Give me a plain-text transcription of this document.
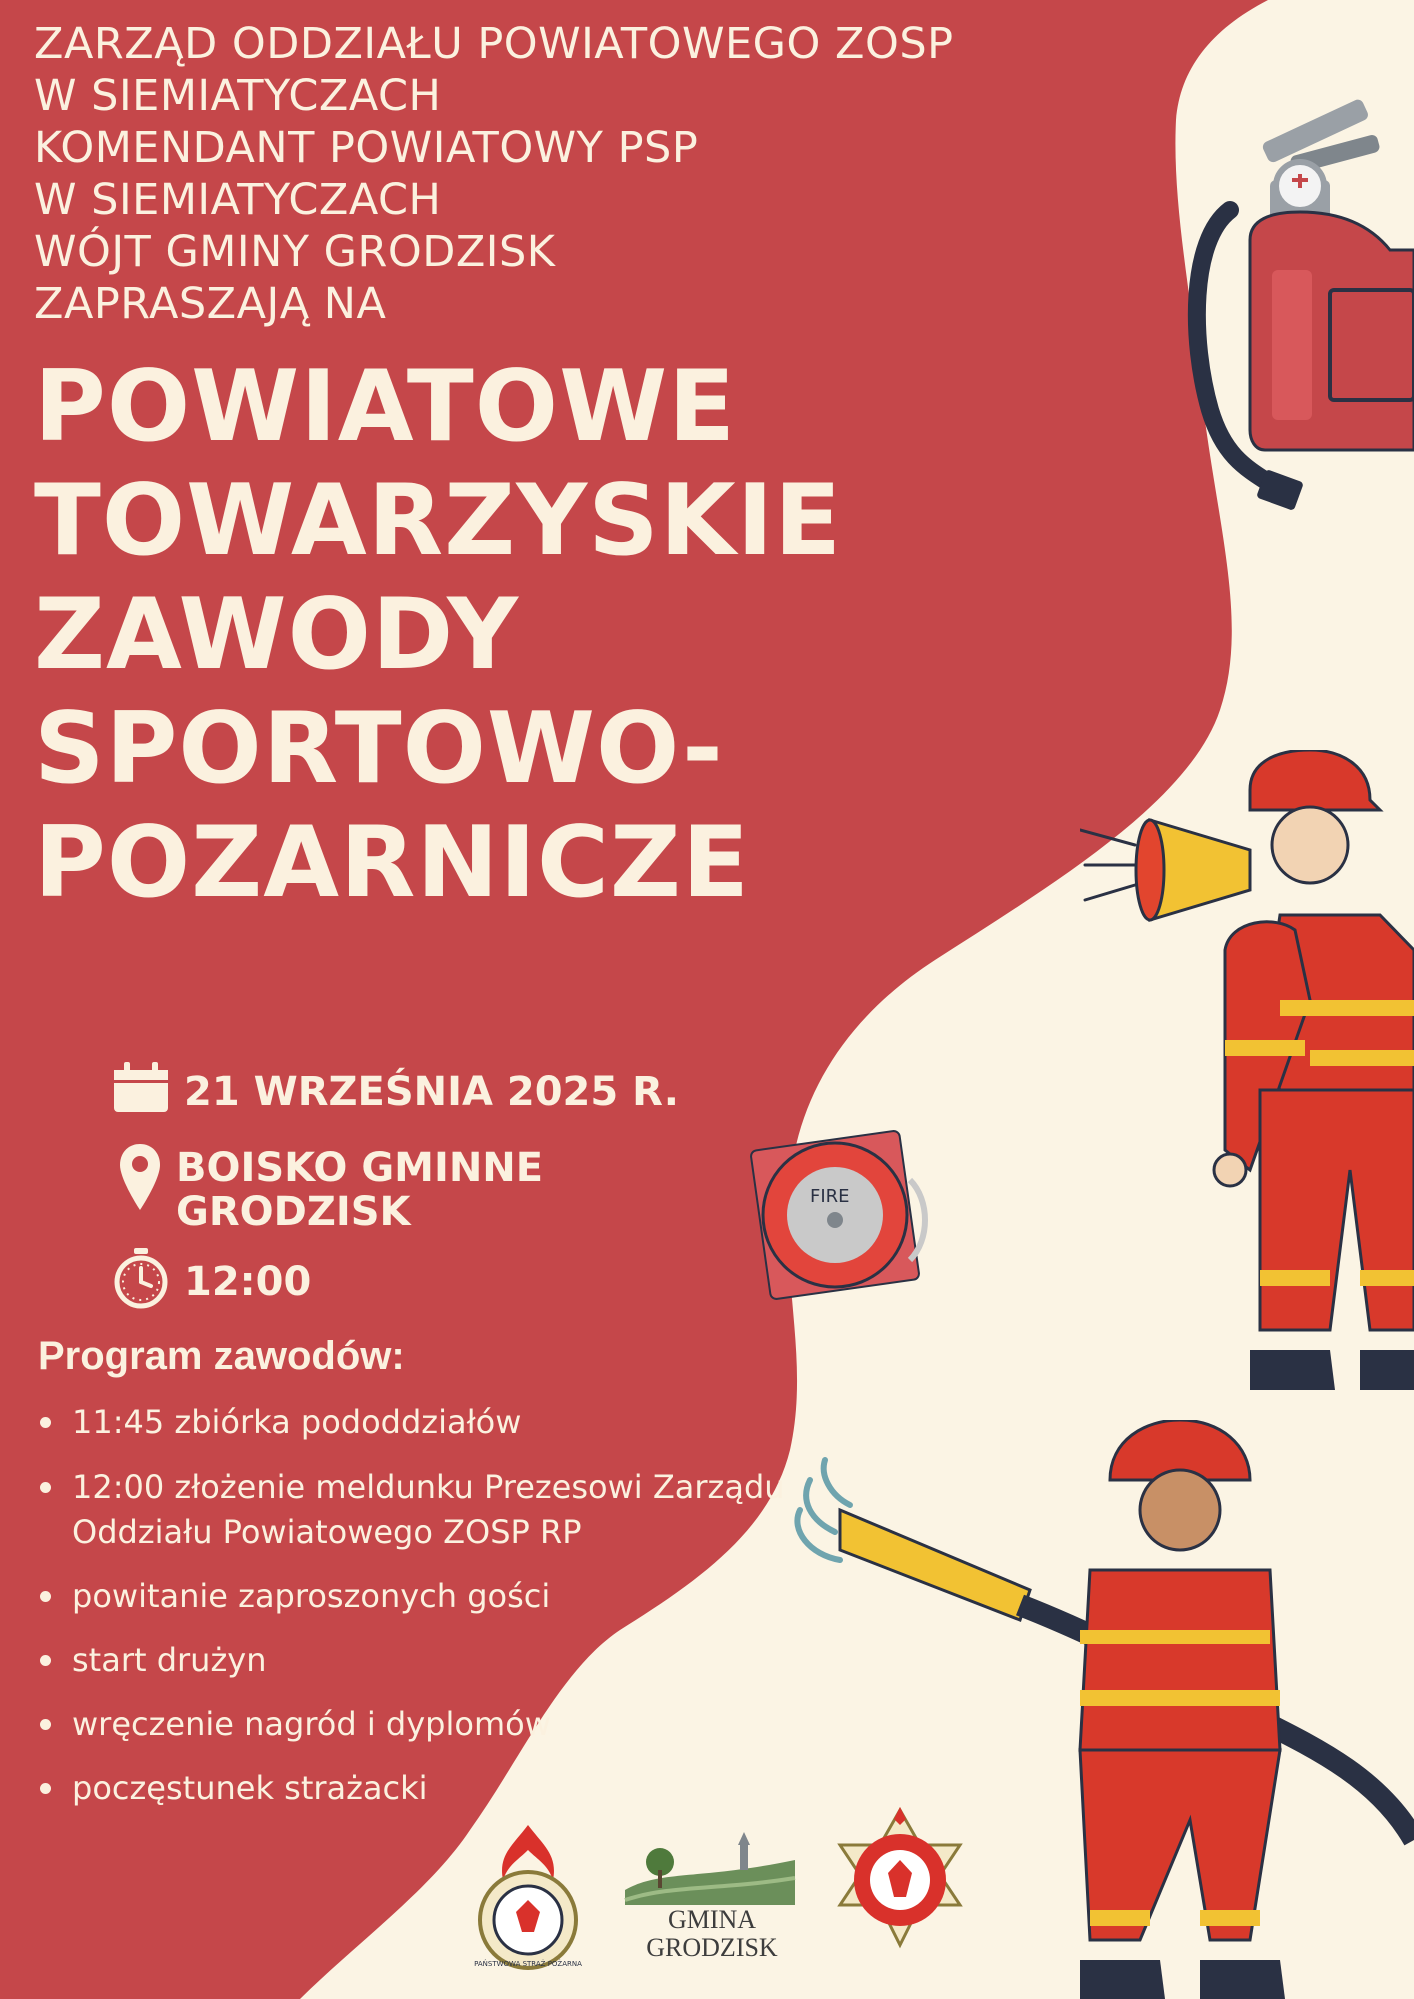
ZARZĄD ODDZIAŁU POWIATOWEGO ZOSP
W SIEMIATYCZACH
KOMENDANT POWIATOWY PSP
W SIEMIATYCZACH
WÓJT GMINY GRODZISK
ZAPRASZAJĄ NA
POWIATOWE
TOWARZYSKIE
ZAWODY
SPORTOWO-
POZARNICZE
21 WRZEŚNIA 2025 R.
BOISKO GMINNE
GRODZISK
12:00
Program zawodów:
11:45 zbiórka pododdziałów
12:00 złożenie meldunku Prezesowi Zarządu Oddziału Powiatowego ZOSP RP
powitanie zaproszonych gości
start drużyn
wręczenie nagród i dyplomów
poczęstunek strażacki
FIRE
PAŃSTWOWA STRAŻ POŻARNA
GMINA
GRODZISK
